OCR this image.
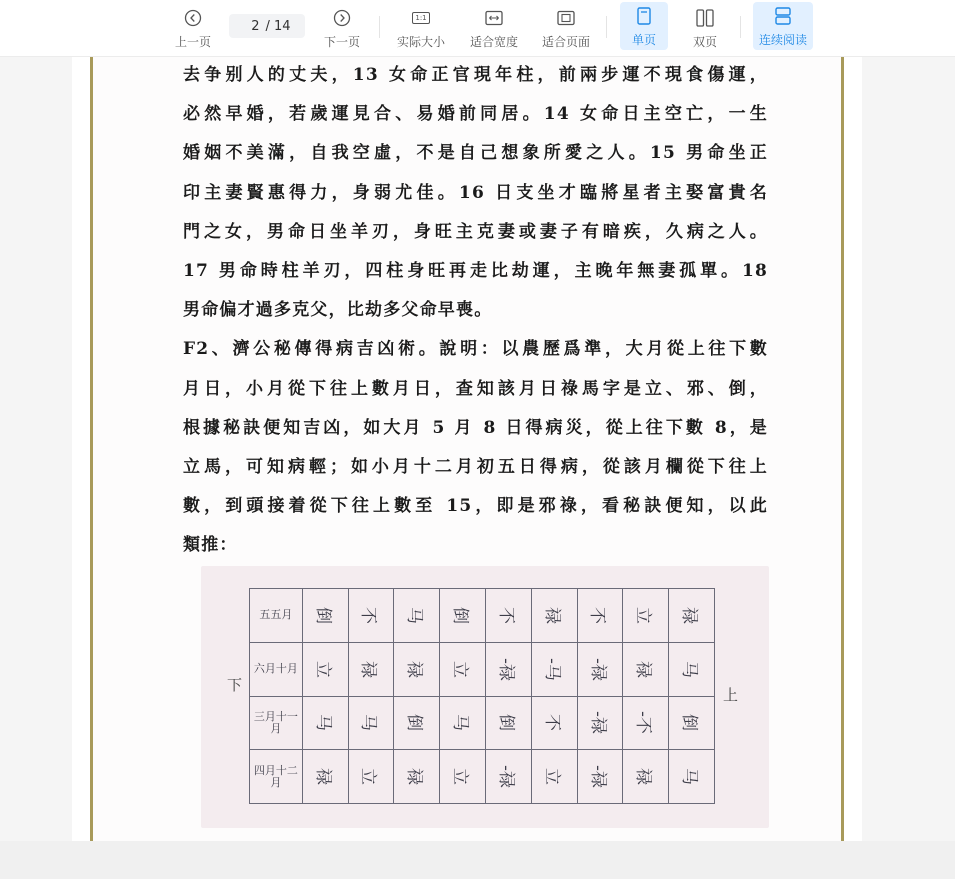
去争别人的丈夫，13 女命正官現年柱，前兩步運不現食傷運，
必然早婚，若歲運見合、易婚前同居。14 女命日主空亡，一生
婚姻不美滿，自我空虛，不是自己想象所愛之人。15 男命坐正
印主妻賢惠得力，身弱尤佳。16 日支坐才臨將星者主娶富貴名
門之女，男命日坐羊刃，身旺主克妻或妻子有暗疾，久病之人。
17 男命時柱羊刃，四柱身旺再走比劫運，主晚年無妻孤單。18
男命偏才過多克父，比劫多父命早喪。
F2、濟公秘傳得病吉凶術。說明：以農歷爲準，大月從上往下數
月日，小月從下往上數月日，查知該月日祿馬字是立、邪、倒，
根據秘訣便知吉凶，如大月 5 月 8 日得病災，從上往下數 8，是
立馬，可知病輕；如小月十二月初五日得病，從該月欄從下往上
數，到頭接着從下往上數至 15，即是邪祿，看秘訣便知，以此
類推：
下
上
五五月	倒	不	马	倒	不	禄	不	立	禄
六月十月	立	禄	禄	立	-禄	-马	-禄	禄	马
三月十一月	马	马	倒	马	倒	不	-禄	-不	倒
四月十二月	禄	立	禄	立	-禄	立	-禄	禄	马
上一页
2
/ 14
下一页
1:1
实际大小 适合宽度 适合页面	单页	双页	连续阅读
